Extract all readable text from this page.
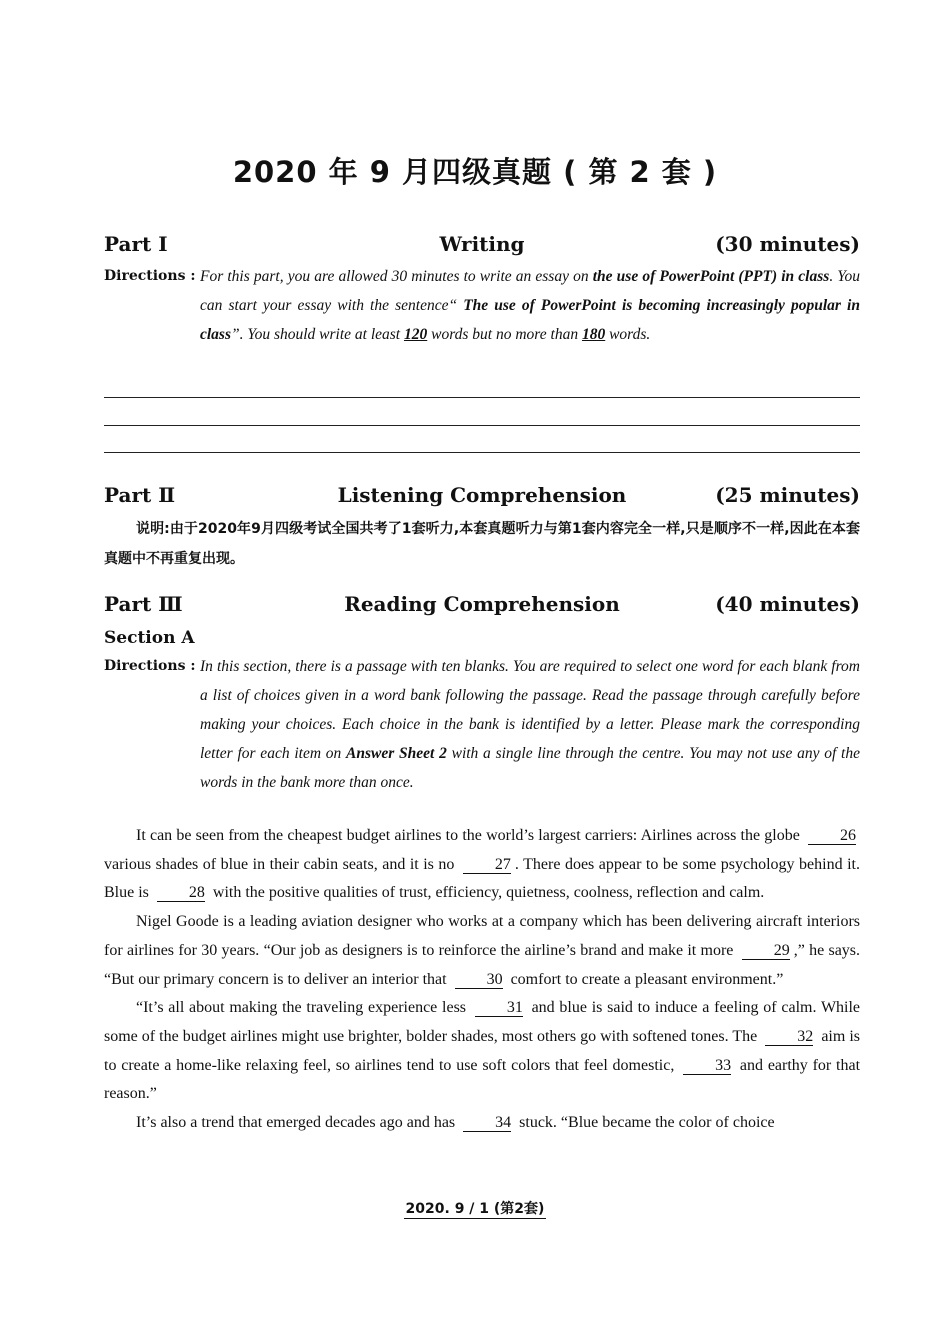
2020 年 9 月四级真题 ( 第 2 套 )
Part Ⅰ	Writing	(30 minutes)
Directions : For this part, you are allowed 30 minutes to write an essay on the use of PowerPoint (PPT) in class. You can start your essay with the sentence“ The use of PowerPoint is becoming increasingly popular in class”. You should write at least 120 words but no more than 180 words.
Part Ⅱ	Listening Comprehension	(25 minutes)
说明:由于2020年9月四级考试全国共考了1套听力,本套真题听力与第1套内容完全一样,只是顺序不一样,因此在本套真题中不再重复出现。
Part Ⅲ	Reading Comprehension	(40 minutes)
Section A
Directions : In this section, there is a passage with ten blanks. You are required to select one word for each blank from a list of choices given in a word bank following the passage. Read the passage through carefully before making your choices. Each choice in the bank is identified by a letter. Please mark the corresponding letter for each item on Answer Sheet 2 with a single line through the centre. You may not use any of the words in the bank more than once.

It can be seen from the cheapest budget airlines to the world’s largest carriers: Airlines across the globe	26 various shades of blue in their cabin seats, and it is no	27 . There does appear to be some psychology behind it. Blue is	28 with the positive qualities of trust, efficiency, quietness, coolness, reflection and calm.

Nigel Goode is a leading aviation designer who works at a company which has been delivering aircraft interiors for airlines for 30 years. “Our job as designers is to reinforce the airline’s brand and make it more	29 ,” he says. “But our primary concern is to deliver an interior that	30 comfort to create a pleasant environment.”

“It’s all about making the traveling experience less	31 and blue is said to induce a feeling of calm. While some of the budget airlines might use brighter, bolder shades, most others go with softened tones. The	32 aim is to create a home-like relaxing feel, so airlines tend to use soft colors that feel domestic,	33 and earthy for that reason.”

It’s also a trend that emerged decades ago and has	34 stuck. “Blue became the color of choice

2020. 9 / 1 (第2套)
